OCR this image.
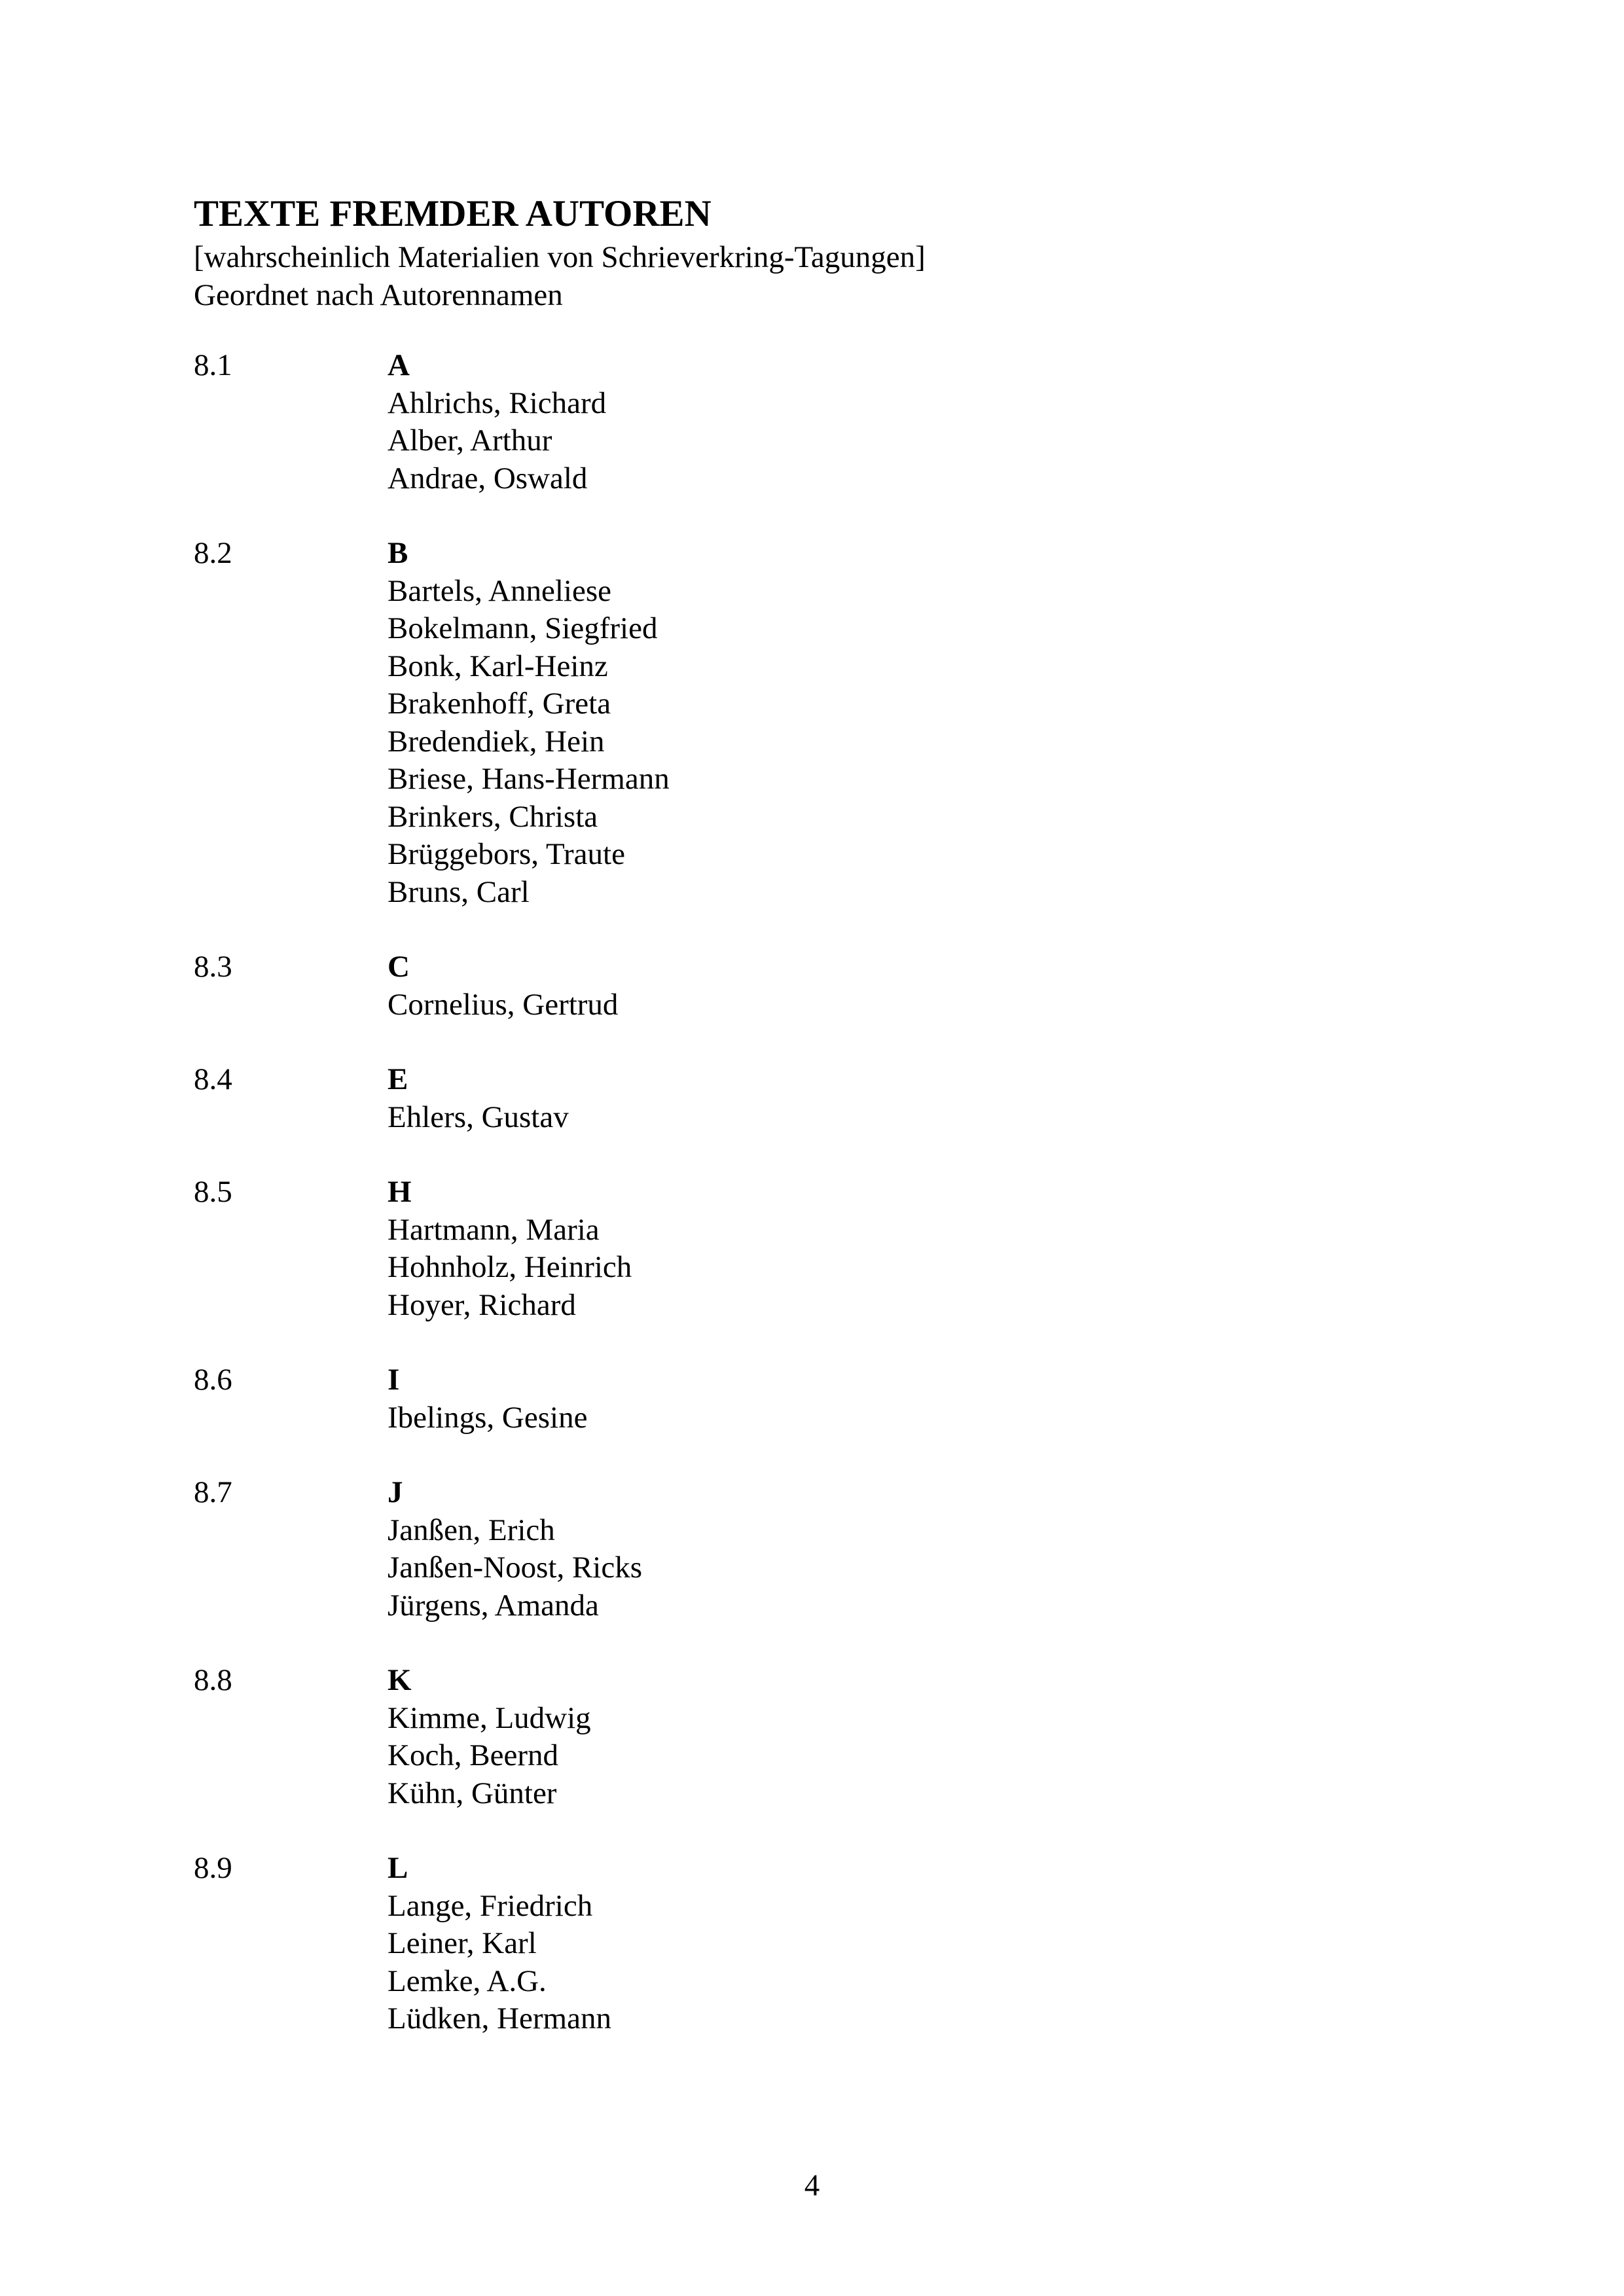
TEXTE FREMDER AUTOREN

[wahrscheinlich Materialien von Schrieverkring-Tagungen]

Geordnet nach Autorennamen

8.1	A
Ahlrichs, Richard
Alber, Arthur
Andrae, Oswald
8.2	B
Bartels, Anneliese
Bokelmann, Siegfried
Bonk, Karl-Heinz
Brakenhoff, Greta
Bredendiek, Hein
Briese, Hans-Hermann
Brinkers, Christa
Brüggebors, Traute
Bruns, Carl
8.3	C
Cornelius, Gertrud
8.4	E
Ehlers, Gustav
8.5	H
Hartmann, Maria
Hohnholz, Heinrich
Hoyer, Richard
8.6	I
Ibelings, Gesine
8.7	J
Janßen, Erich
Janßen-Noost, Ricks
Jürgens, Amanda
8.8	K
Kimme, Ludwig
Koch, Beernd
Kühn, Günter
8.9	L
Lange, Friedrich
Leiner, Karl
Lemke, A.G.
Lüdken, Hermann
4
